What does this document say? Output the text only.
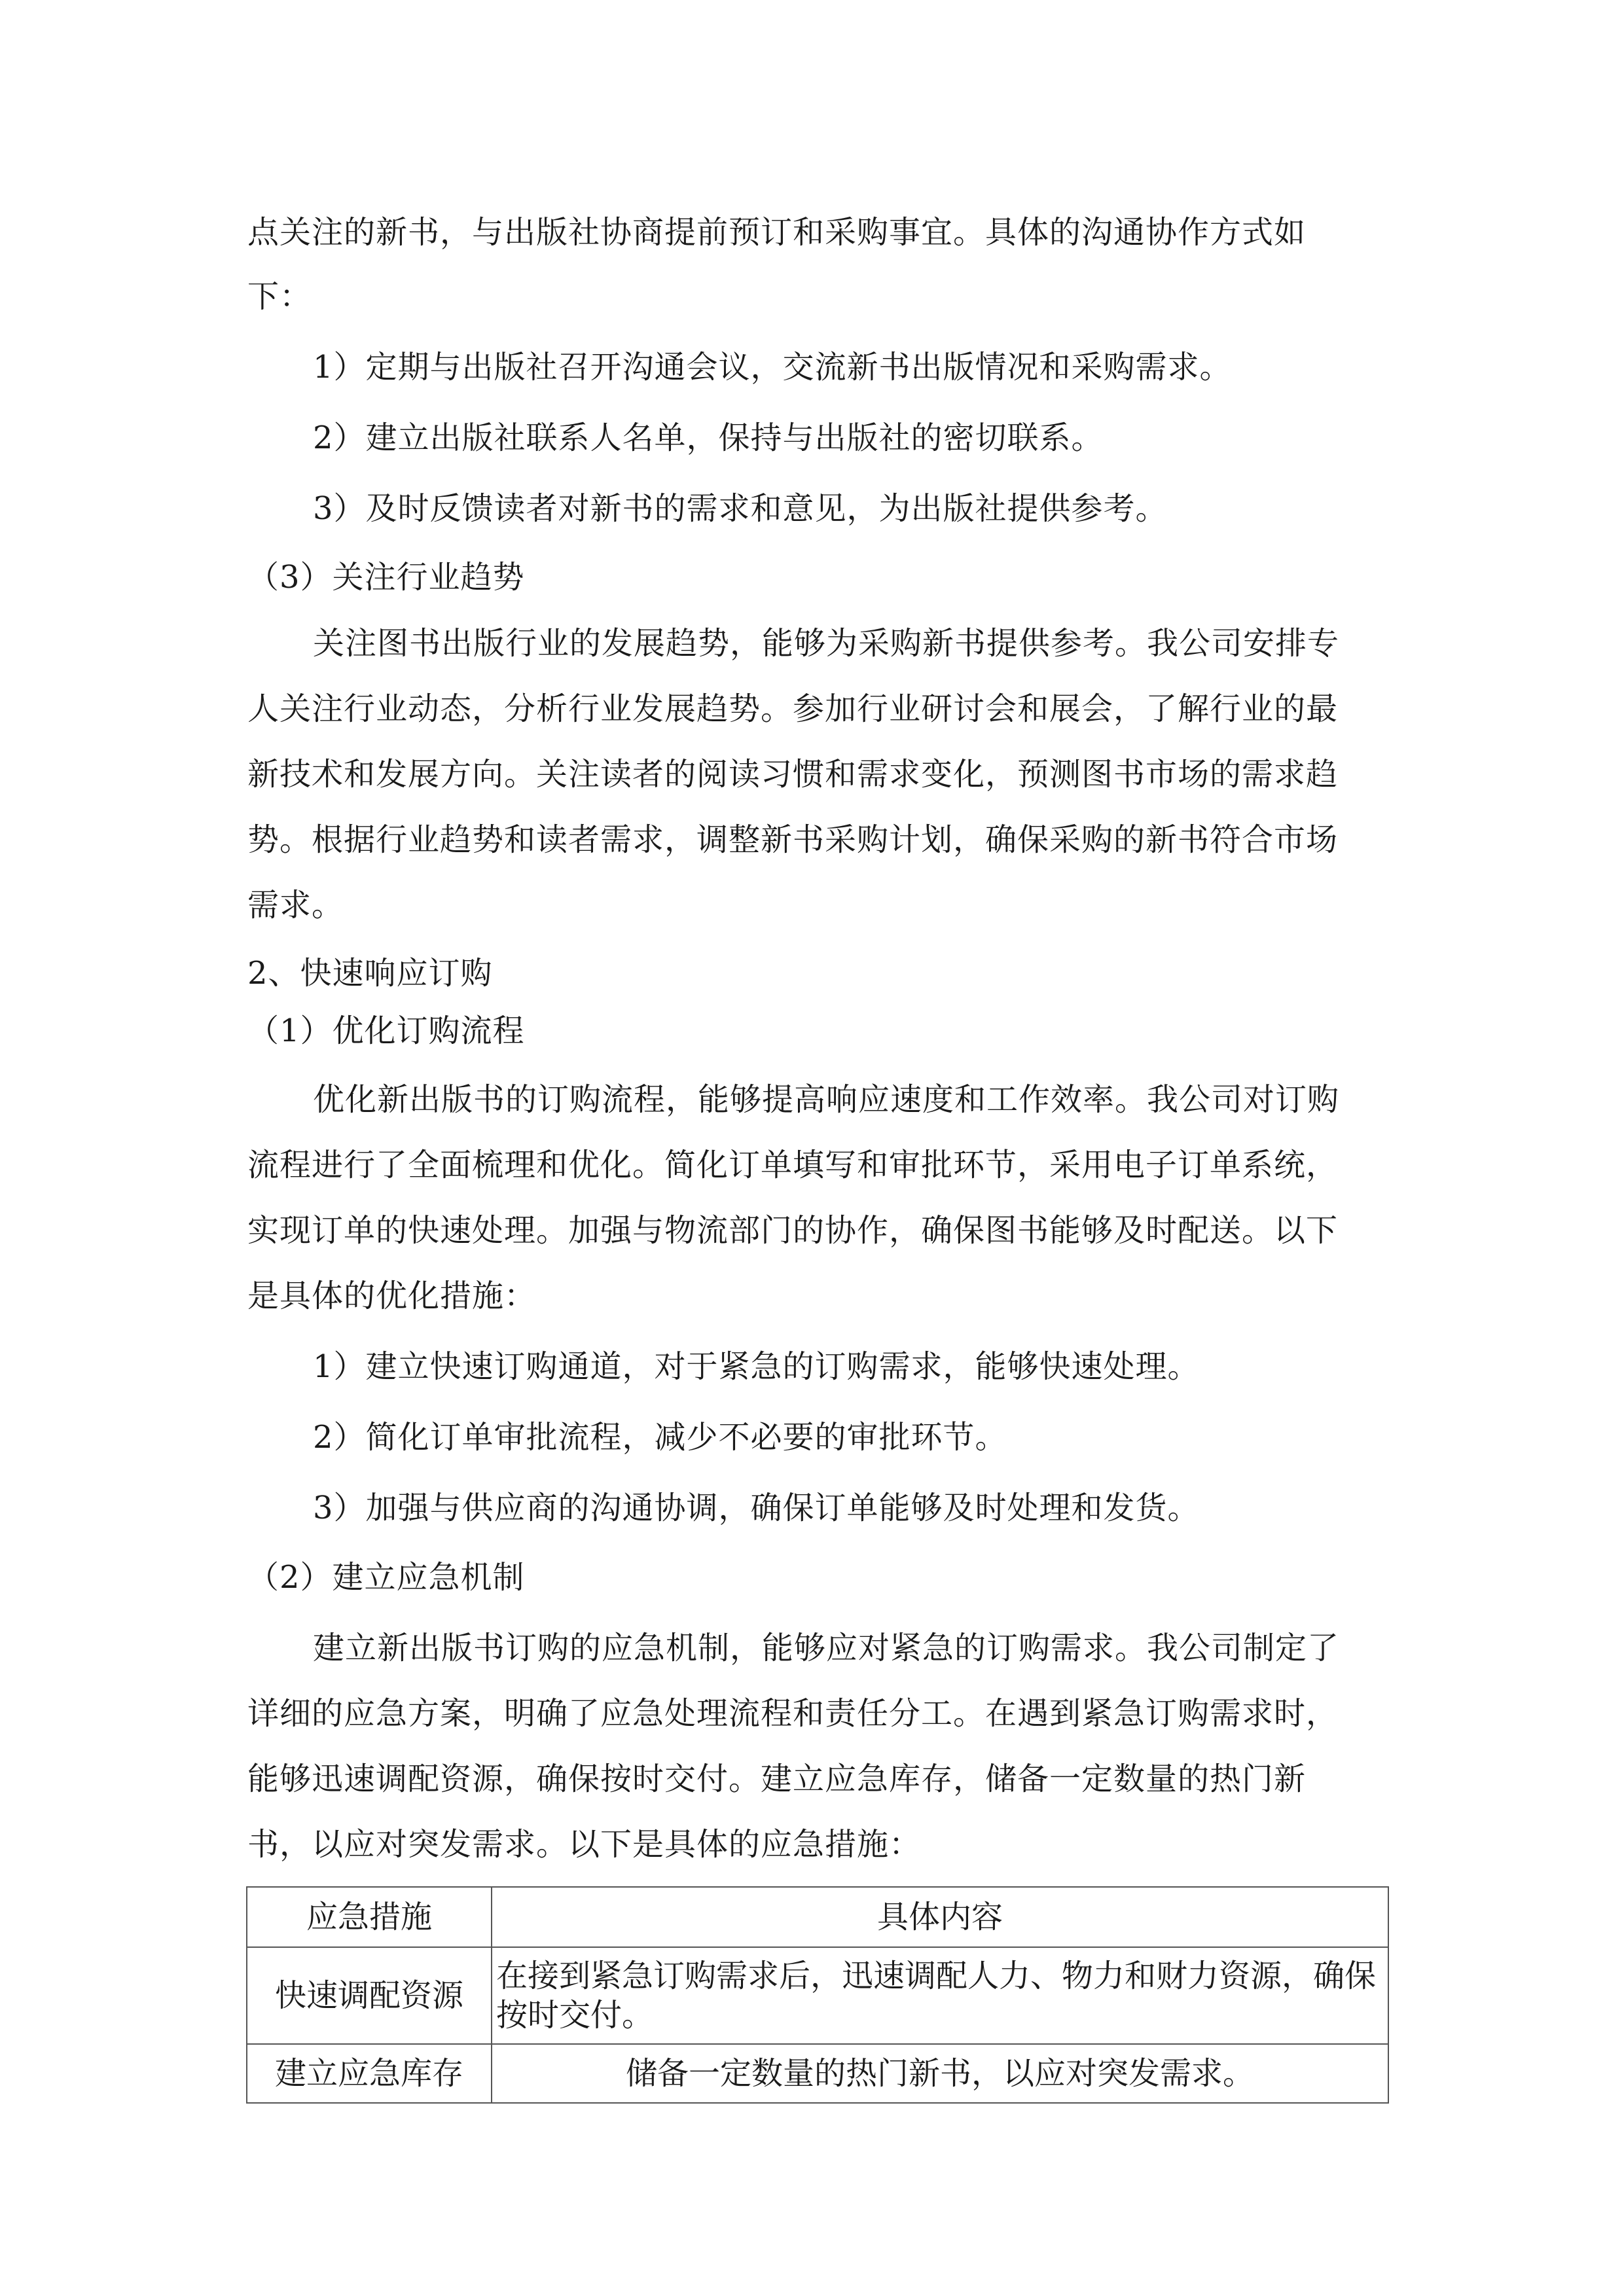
点关注的新书，与出版社协商提前预订和采购事宜。具体的沟通协作方式如
下：
1）定期与出版社召开沟通会议，交流新书出版情况和采购需求。
2）建立出版社联系人名单，保持与出版社的密切联系。
3）及时反馈读者对新书的需求和意见，为出版社提供参考。
（3）关注行业趋势
关注图书出版行业的发展趋势，能够为采购新书提供参考。我公司安排专
人关注行业动态，分析行业发展趋势。参加行业研讨会和展会，了解行业的最
新技术和发展方向。关注读者的阅读习惯和需求变化，预测图书市场的需求趋
势。根据行业趋势和读者需求，调整新书采购计划，确保采购的新书符合市场
需求。
2、快速响应订购
（1）优化订购流程
优化新出版书的订购流程，能够提高响应速度和工作效率。我公司对订购
流程进行了全面梳理和优化。简化订单填写和审批环节，采用电子订单系统，
实现订单的快速处理。加强与物流部门的协作，确保图书能够及时配送。以下
是具体的优化措施：
1）建立快速订购通道，对于紧急的订购需求，能够快速处理。
2）简化订单审批流程，减少不必要的审批环节。
3）加强与供应商的沟通协调，确保订单能够及时处理和发货。
（2）建立应急机制
建立新出版书订购的应急机制，能够应对紧急的订购需求。我公司制定了
详细的应急方案，明确了应急处理流程和责任分工。在遇到紧急订购需求时，
能够迅速调配资源，确保按时交付。建立应急库存，储备一定数量的热门新
书，以应对突发需求。以下是具体的应急措施：
应急措施	具体内容
快速调配资源	在接到紧急订购需求后，迅速调配人力、物力和财力资源，确保按时交付。
建立应急库存	储备一定数量的热门新书，以应对突发需求。
